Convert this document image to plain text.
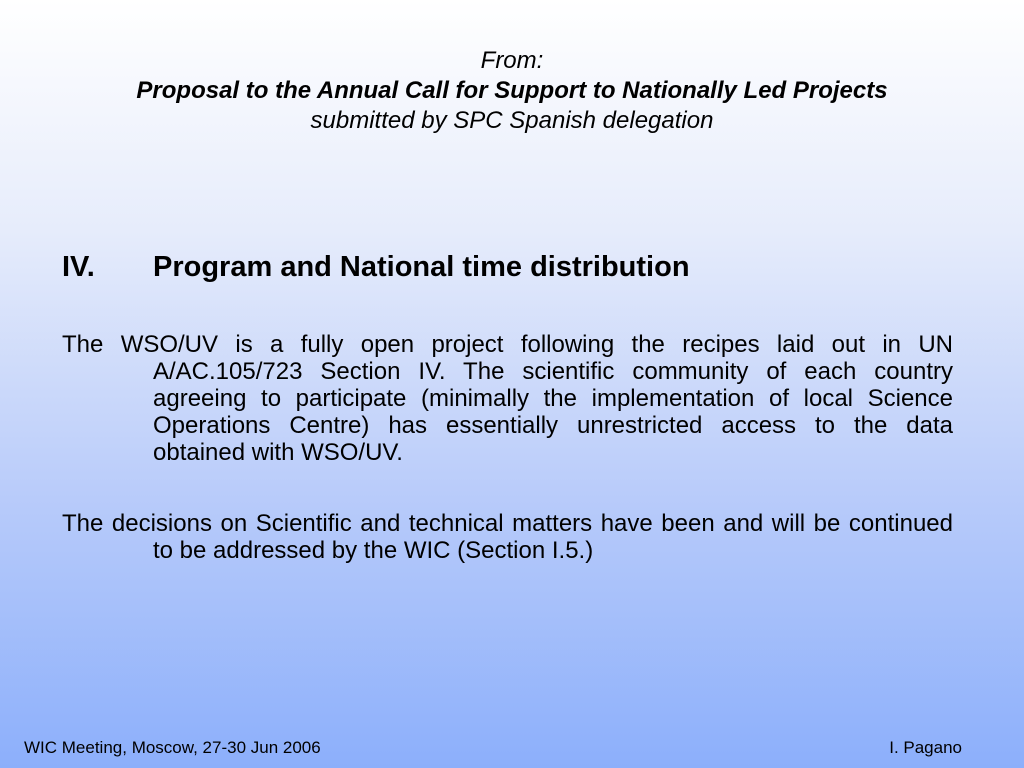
From:
Proposal to the Annual Call for Support to Nationally Led Projects
submitted by SPC Spanish delegation
IV. Program and National time distribution
The WSO/UV is a fully open project following the recipes laid out in UN A/AC.105/723 Section IV. The scientific community of each country agreeing to participate (minimally the implementation of local Science Operations Centre) has essentially unrestricted access to the data obtained with WSO/UV.
The decisions on Scientific and technical matters have been and will be continued to be addressed by the WIC (Section I.5.)
WIC Meeting, Moscow, 27-30 Jun 2006	I. Pagano
